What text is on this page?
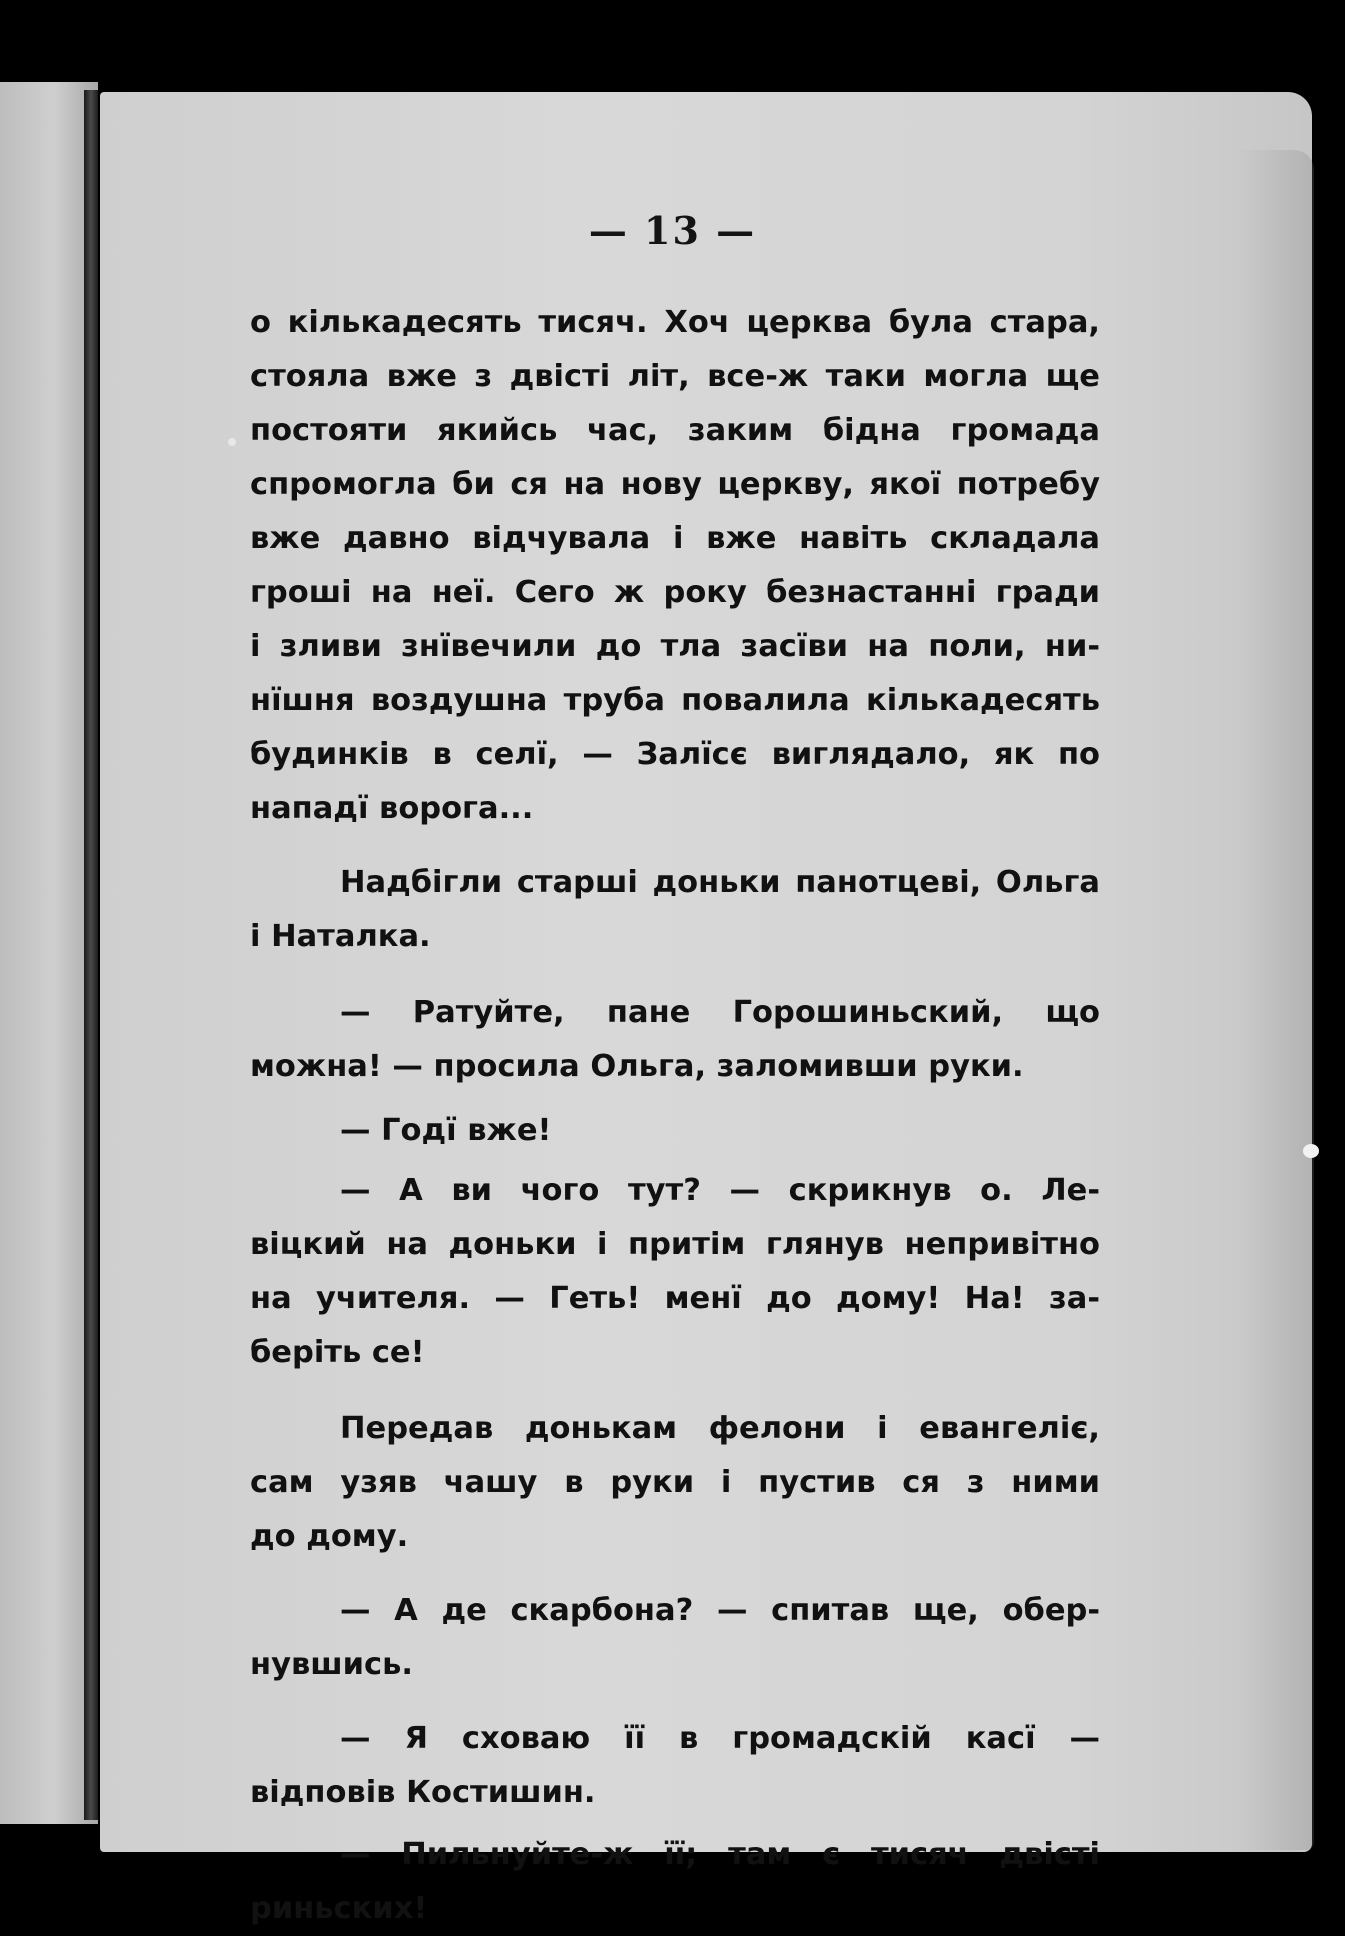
— 13 —
о кількадесять тисяч. Хоч церква була стара,
стояла вже з двісті літ, все-ж таки могла ще
постояти якийсь час, заким бідна громада
спромогла би ся на нову церкву, якої потребу
вже давно відчувала і вже навіть складала
гроші на неї. Сего ж року безнастанні гради
і зливи знївечили до тла засїви на поли, ни-
нїшня воздушна труба повалила кількадесять
будинків в селї, — Залїсє виглядало, як по
нападї ворога...
Надбігли старші доньки панотцеві, Ольга
і Наталка.
— Ратуйте, пане Горошиньский, що
можна! — просила Ольга, заломивши руки.
— Годї вже!
— А ви чого тут? — скрикнув о. Ле-
віцкий на доньки і притім глянув непривітно
на учителя. — Геть! менї до дому! На! за-
беріть се!
Передав донькам фелони і евангеліє,
сам узяв чашу в руки і пустив ся з ними
до дому.
— А де скарбона? — спитав ще, обер-
нувшись.
— Я сховаю її в громадскій касї —
відповів Костишин.
— Пильнуйте-ж її; там є тисяч двісті
риньских!
